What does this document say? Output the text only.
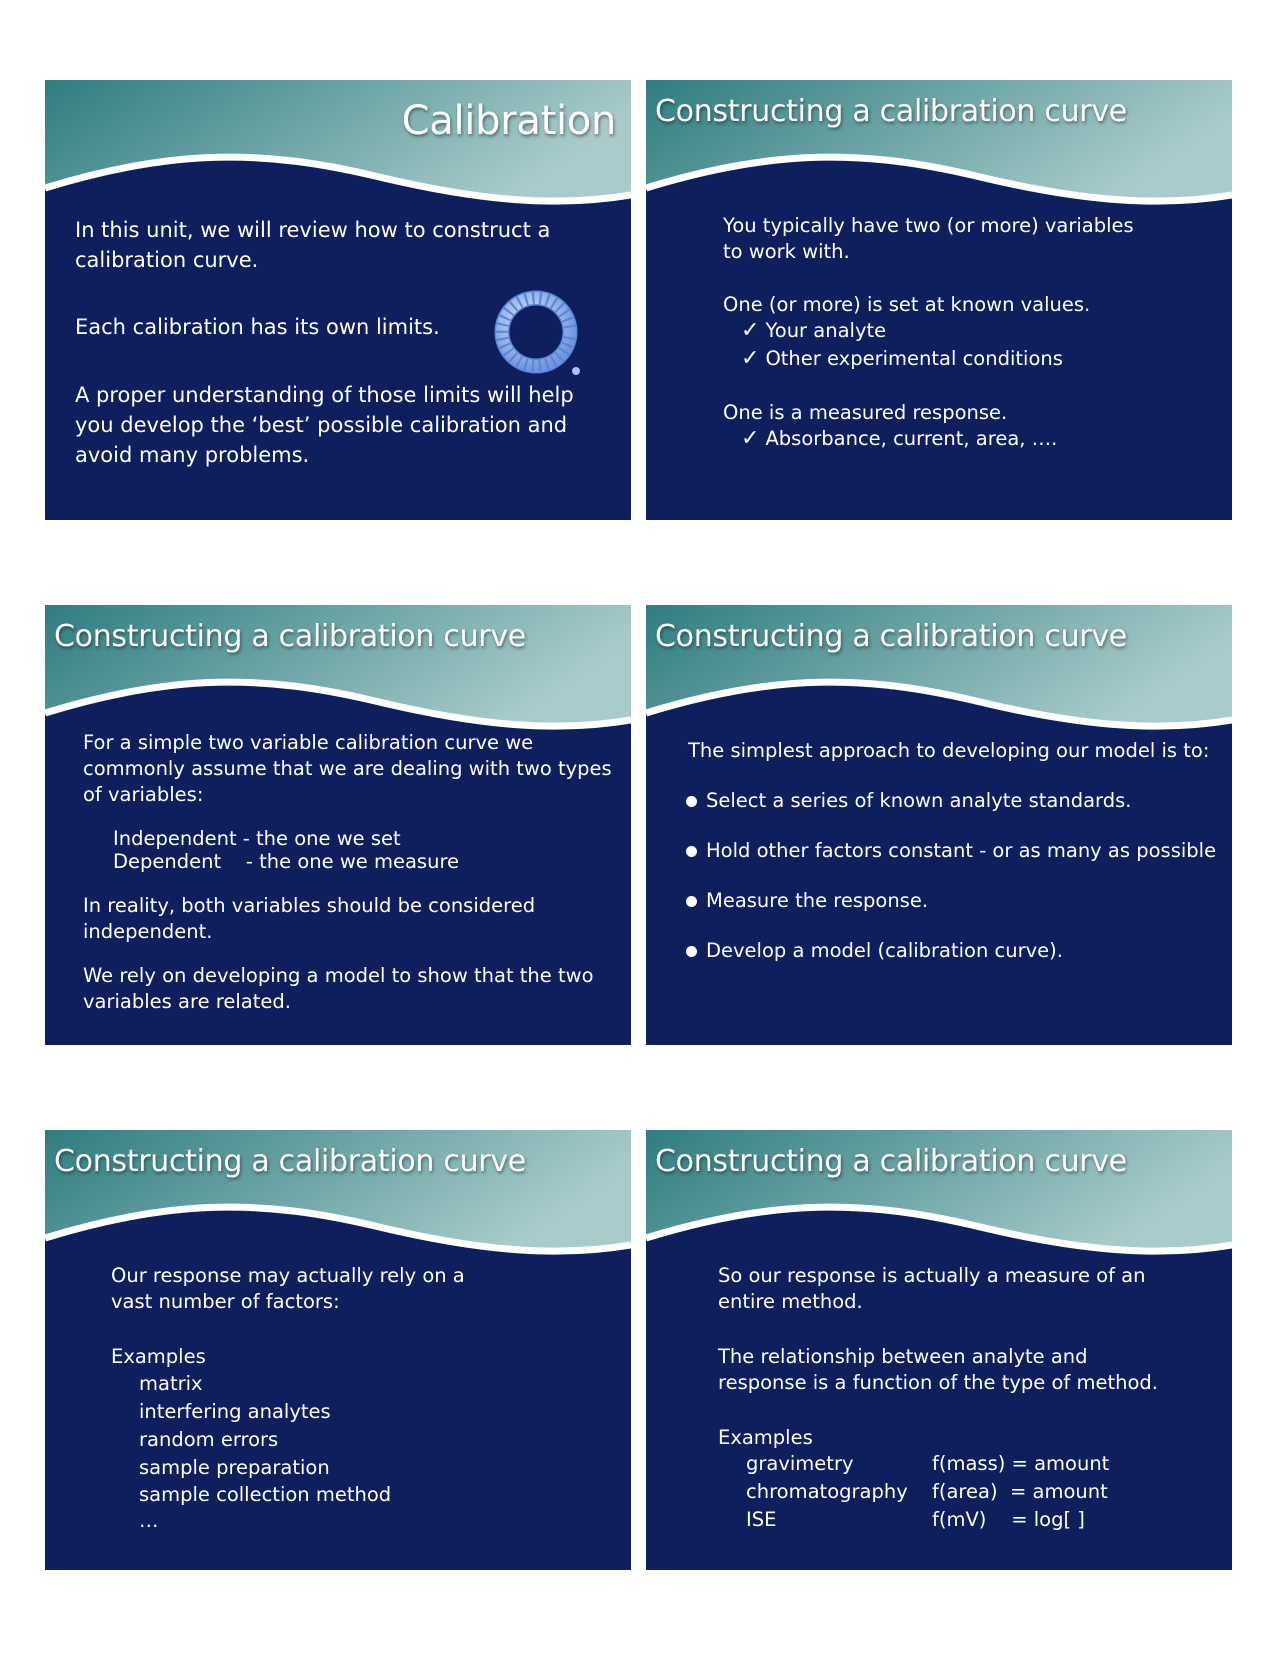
Calibration

In this unit, we will review how to construct a

calibration curve.

Each calibration has its own limits.

A proper understanding of those limits will help

you develop the ‘best’ possible calibration and

avoid many problems.

Constructing a calibration curve

You typically have two (or more) variables

to work with.

One (or more) is set at known values.

✓ Your analyte

✓ Other experimental conditions

One is a measured response.

✓ Absorbance, current, area, ….

Constructing a calibration curve

For a simple two variable calibration curve we

commonly assume that we are dealing with two types

of variables:

Independent - the one we set

Dependent    - the one we measure

In reality, both variables should be considered

independent.

We rely on developing a model to show that the two

variables are related.

Constructing a calibration curve

The simplest approach to developing our model is to:

Select a series of known analyte standards.

Hold other factors constant - or as many as possible

Measure the response.

Develop a model (calibration curve).

Constructing a calibration curve

Our response may actually rely on a

vast number of factors:

Examples

matrix

interfering analytes

random errors

sample preparation

sample collection method

…

Constructing a calibration curve

So our response is actually a measure of an

entire method.

The relationship between analyte and

response is a function of the type of method.

Examples

gravimetry	f(mass) = amount
chromatography	f(area)  = amount
ISE	f(mV)    = log[ ]
